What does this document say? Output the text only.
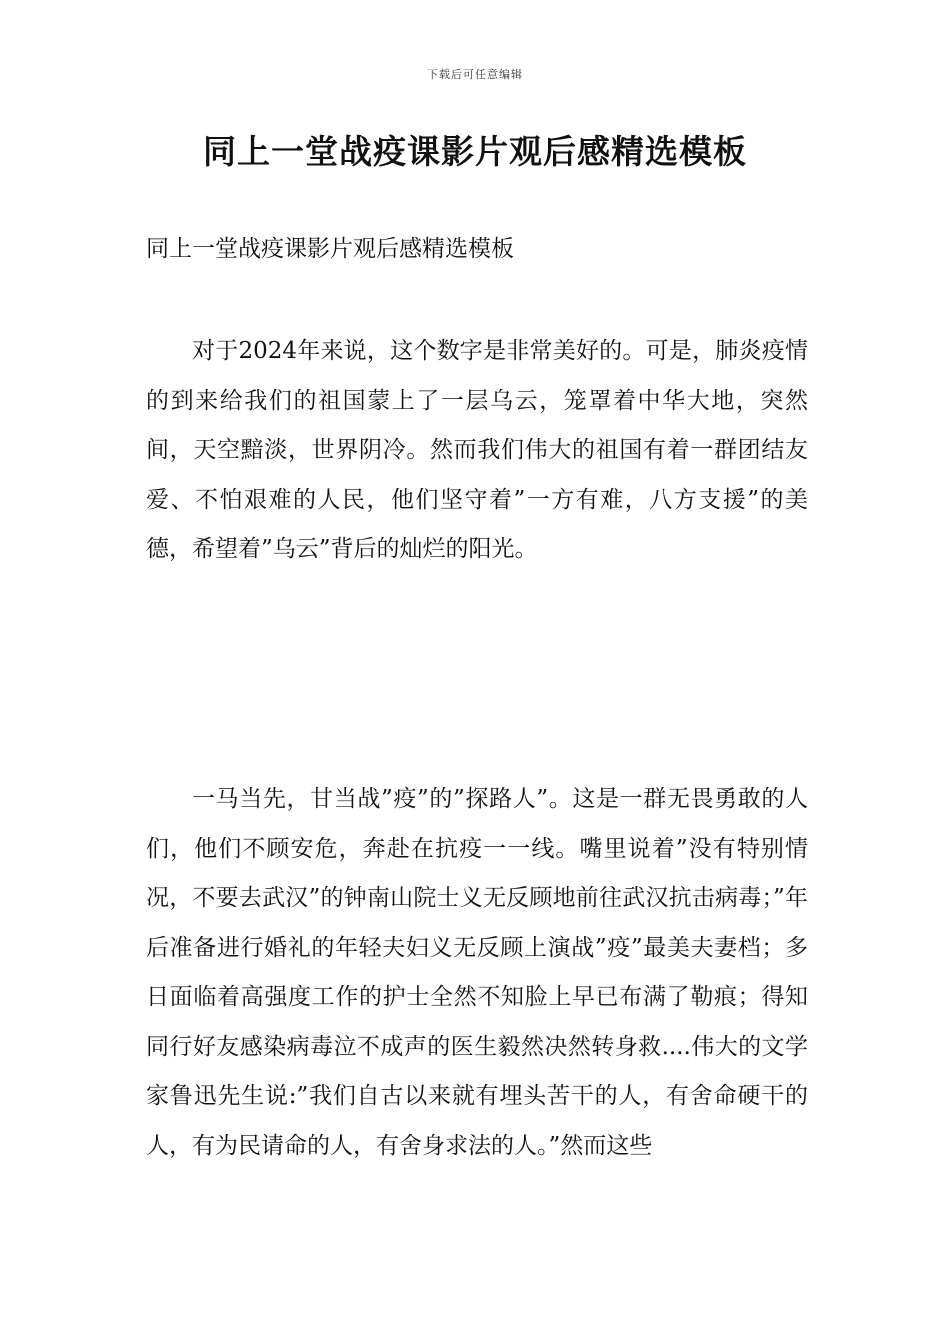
下载后可任意编辑
同上一堂战疫课影片观后感精选模板

同上一堂战疫课影片观后感精选模板

对于2024年来说，这个数字是非常美好的。可是，肺炎疫情的到来给我们的祖国蒙上了一层乌云，笼罩着中华大地，突然间，天空黯淡，世界阴冷。然而我们伟大的祖国有着一群团结友爱、不怕艰难的人民，他们坚守着”一方有难，八方支援”的美德，希望着”乌云”背后的灿烂的阳光。

一马当先，甘当战”疫”的”探路人”。这是一群无畏勇敢的人们，他们不顾安危，奔赴在抗疫一一线。嘴里说着”没有特别情况，不要去武汉”的钟南山院士义无反顾地前往武汉抗击病毒；”年后准备进行婚礼的年轻夫妇义无反顾上演战”疫”最美夫妻档；多日面临着高强度工作的护士全然不知脸上早已布满了勒痕；得知同行好友感染病毒泣不成声的医生毅然决然转身救....伟大的文学家鲁迅先生说:”我们自古以来就有埋头苦干的人，有舍命硬干的人，有为民请命的人，有舍身求法的人。”然而这些
